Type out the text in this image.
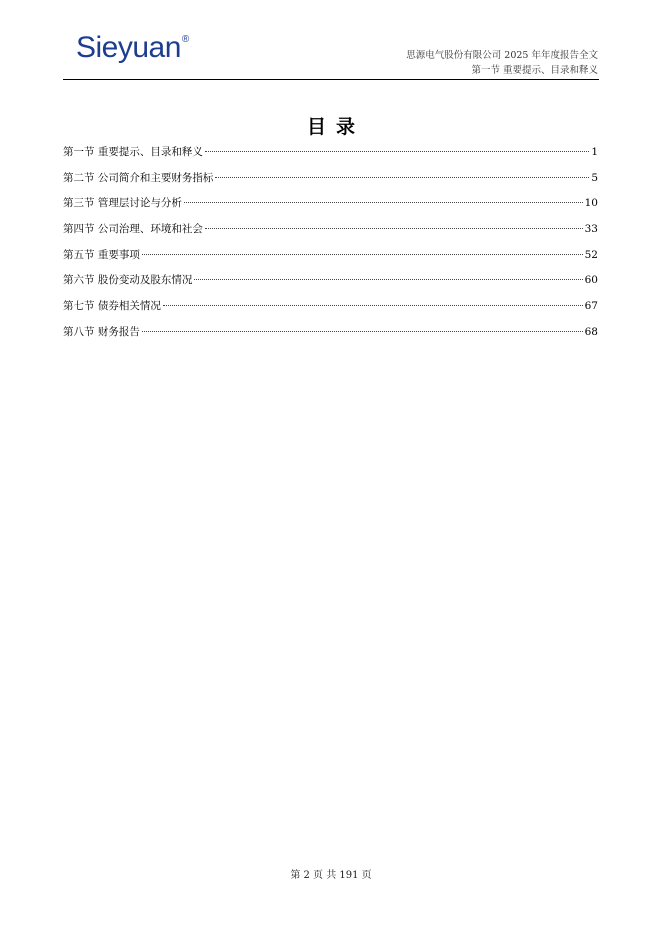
Sieyuan®
思源电气股份有限公司 2025 年年度报告全文
第一节 重要提示、目录和释义
目录
第一节 重要提示、目录和释义	1
第二节 公司简介和主要财务指标	5
第三节 管理层讨论与分析	10
第四节 公司治理、环境和社会	33
第五节 重要事项	52
第六节 股份变动及股东情况	60
第七节 债券相关情况	67
第八节 财务报告	68
第 2 页 共 191 页
